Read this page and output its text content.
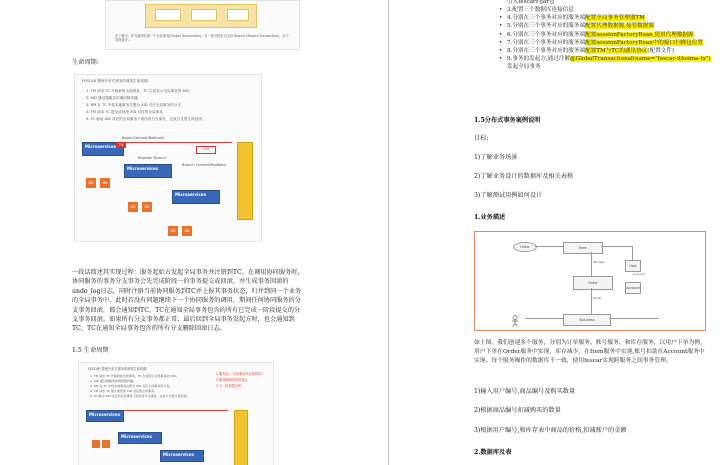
在了解中，作为最终处理一个全局事务(Global Transaction)，另一部分转化为全局 Branch (Branch Transaction)，由于其他事务...
生命周期:
FESCAR 整理分布式事务的典型生命周期：
1. TM 请求 TC 开始新的全局事务，TC 生成表示全局事务的 XID。
2. XID 通过微服务的调用链传播。
3. RM 在 TC 中将本地事务注册为 XID 对应全局事务的分支。
4. TM 请求 TC 提交或回滚 XID 对应的全局事务。
5. TC 驱动 XID 对应的全局事务下的所有分支事务，完成分支提交或回滚。
Begin/Commit/Rollback
Microservices TM
XID
Register Branch
Branch Commit/Rollback
DB	DB
Microservices
DB	DB
Microservices
DB	DB
一段话简述其实现过程：服务起始方发起全局事务并注册到TC。在调用协同服务时，协同服务的事务分支事务会先完成阶段一的事务提交或回滚，并生成事务回滚的undo_log日志，同时注册当前协同服务到TC并上报其事务状态，归并到同一个业务的全局事务中。此时若没有问题继续下一个协同服务的调用，期间任何协同服务的分支事务回滚，都会通知到TC，TC在通知全局事务包含的所有已完成一阶段提交的分支事务回滚。如果所有分支事务都正常，最后回到全局事务发起方时，也会通知到TC，TC在通知全局事务包含的所有分支删除回滚日志。
1.5 生命周期
FESCAR 整理分布式事务的典型生命周期：
1. TM 请求 TC 开始新的全局事务，TC 生成表示全局事务的 XID。
2. XID 通过微服务的调用链传播。
3. RM 在 TC 中将本地事务注册为 XID 对应全局事务的分支。
4. TM 请求 TC 提交或回滚 XID 对应的全局事务。
5. TC 驱动 XID 对应的全局事务下的所有分支事务，完成分支提交或回滚。
1.服务起... 全局事务并注册到TC
2.服务被调用的时候会
3.当一阶段提交时
Microservices
Microservices
Microservices
引入fescar的jar包
• 3.配置三个数据库连接信息
• 4.分别在三个事务对应的服务端配置全局事务管理器TM
• 5.分别在三个事务对应的服务端配置代理数据源,接管数据源
• 6.分别在三个事务对应的服务端配置sessionFactoryBean,使用代理数据源
• 7.分别在三个事务对应的服务端配置sessionFactoryBean中的接口扫描包位置
• 8.分别在三个事务对应的服务端配置TM与TC的通讯协议(配置文件)
• 9.事务的发起方,通过注解@GlobalTransactional(name="fescar-itheima-tx")发起全局事务
1.5分布式事务案例说明
目标:
1)了解业务场景
2)了解业务设计的数据库及相关表格
3)了解测试用例如何设计
1.业务描述
Order	Item
User
Account
Order
Business
Storage
Order
Account
如上图，我们创建多个服务，分别为订单服务、账号服务、和库存服务，以用户下单为例，用户下单在Order服务中实现，库存减少，在Item服务中实现,账号扣款在Account服务中实现。每个服务操作的数据库不一致，使用fescar实现跨服务之间事务管理。
1)输入用户编号,商品编号及购买数量
2)根据商品编号扣减购买的数量
3)根据用户编号,和库存表中商品的价格,扣减账户的金额
2.数据库及表
